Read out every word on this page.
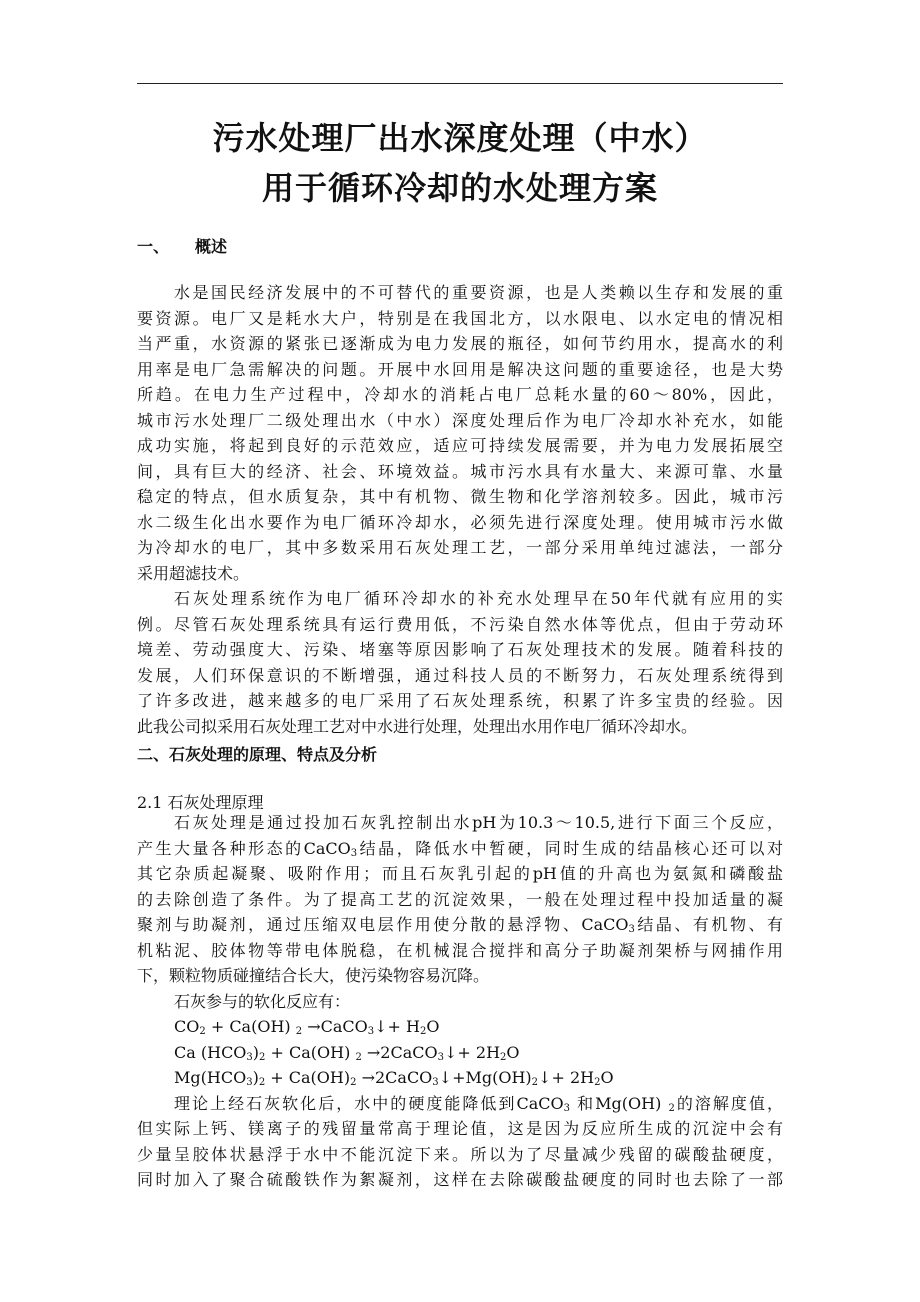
污水处理厂出水深度处理（中水）
用于循环冷却的水处理方案
一、 概述
水是国民经济发展中的不可替代的重要资源，也是人类赖以生存和发展的重
要资源。电厂又是耗水大户，特别是在我国北方，以水限电、以水定电的情况相
当严重，水资源的紧张已逐渐成为电力发展的瓶径，如何节约用水，提高水的利
用率是电厂急需解决的问题。开展中水回用是解决这问题的重要途径，也是大势
所趋。在电力生产过程中，冷却水的消耗占电厂总耗水量的60～80%，因此，
城市污水处理厂二级处理出水（中水）深度处理后作为电厂冷却水补充水，如能
成功实施，将起到良好的示范效应，适应可持续发展需要，并为电力发展拓展空
间，具有巨大的经济、社会、环境效益。城市污水具有水量大、来源可靠、水量
稳定的特点，但水质复杂，其中有机物、微生物和化学溶剂较多。因此，城市污
水二级生化出水要作为电厂循环冷却水，必须先进行深度处理。使用城市污水做
为冷却水的电厂，其中多数采用石灰处理工艺，一部分采用单纯过滤法，一部分
采用超滤技术。
石灰处理系统作为电厂循环冷却水的补充水处理早在50年代就有应用的实
例。尽管石灰处理系统具有运行费用低，不污染自然水体等优点，但由于劳动环
境差、劳动强度大、污染、堵塞等原因影响了石灰处理技术的发展。随着科技的
发展，人们环保意识的不断增强，通过科技人员的不断努力，石灰处理系统得到
了许多改进，越来越多的电厂采用了石灰处理系统，积累了许多宝贵的经验。因
此我公司拟采用石灰处理工艺对中水进行处理，处理出水用作电厂循环冷却水。
二、石灰处理的原理、特点及分析
2.1 石灰处理原理
石灰处理是通过投加石灰乳控制出水pH为10.3～10.5,进行下面三个反应，
产生大量各种形态的CaCO$_3$结晶，降低水中暂硬，同时生成的结晶核心还可以对
其它杂质起凝聚、吸附作用；而且石灰乳引起的pH值的升高也为氨氮和磷酸盐
的去除创造了条件。为了提高工艺的沉淀效果，一般在处理过程中投加适量的凝
聚剂与助凝剂，通过压缩双电层作用使分散的悬浮物、CaCO$_3$结晶、有机物、有
机粘泥、胶体物等带电体脱稳，在机械混合搅拌和高分子助凝剂架桥与网捕作用
下，颗粒物质碰撞结合长大，使污染物容易沉降。
石灰参与的软化反应有：
$CO_2 + Ca(OH)$ $_2$ →CaCO$_3$↓+ $H_2O$
Ca $(HCO_3)_2 + Ca(OH)$ $_2$ →2CaCO$_3$↓+ $2H_2O$
$Mg(HCO_3)_2 + Ca(OH)_2$ $\to 2CaCO_3↓+Mg(OH)_2↓+ 2H_2O$
理论上经石灰软化后，水中的硬度能降低到CaCO$_3$ 和Mg(OH) $_2$的溶解度值，
但实际上钙、镁离子的残留量常高于理论值，这是因为反应所生成的沉淀中会有
少量呈胶体状悬浮于水中不能沉淀下来。所以为了尽量减少残留的碳酸盐硬度，
同时加入了聚合硫酸铁作为絮凝剂，这样在去除碳酸盐硬度的同时也去除了一部
